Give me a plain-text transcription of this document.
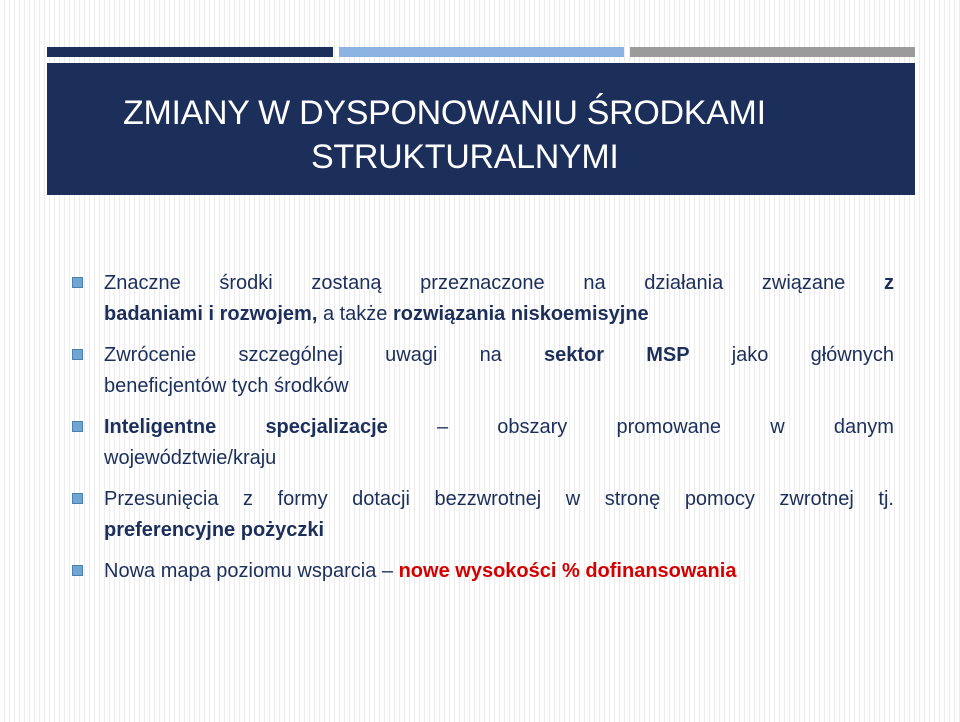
ZMIANY W DYSPONOWANIU ŚRODKAMI
STRUKTURALNYMI
Znaczne środki zostaną przeznaczone na działania związane z
badaniami i rozwojem, a także rozwiązania niskoemisyjne
Zwrócenie szczególnej uwagi na sektor MSP jako głównych
beneficjentów tych środków
Inteligentne specjalizacje – obszary promowane w danym
województwie/kraju
Przesunięcia z formy dotacji bezzwrotnej w stronę pomocy zwrotnej tj.
preferencyjne pożyczki
Nowa mapa poziomu wsparcia – nowe wysokości % dofinansowania
